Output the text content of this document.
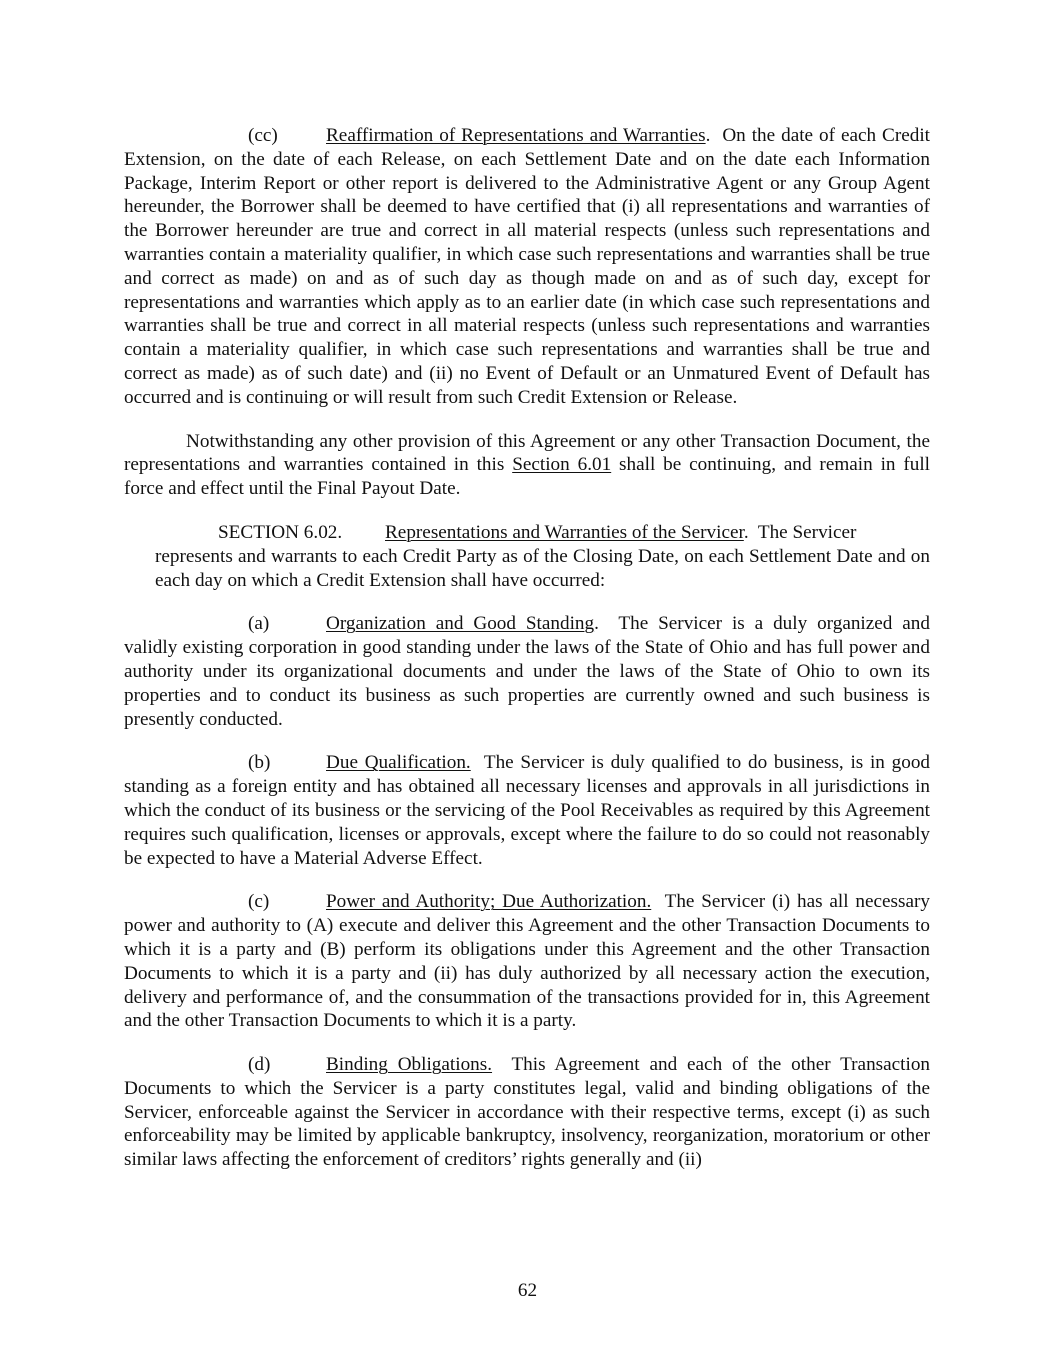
(cc)	Reaffirmation of Representations and Warranties. On the date of each Credit Extension, on the date of each Release, on each Settlement Date and on the date each Information Package, Interim Report or other report is delivered to the Administrative Agent or any Group Agent hereunder, the Borrower shall be deemed to have certified that (i) all representations and warranties of the Borrower hereunder are true and correct in all material respects (unless such representations and warranties contain a materiality qualifier, in which case such representations and warranties shall be true and correct as made) on and as of such day as though made on and as of such day, except for representations and warranties which apply as to an earlier date (in which case such representations and warranties shall be true and correct in all material respects (unless such representations and warranties contain a materiality qualifier, in which case such representations and warranties shall be true and correct as made) as of such date) and (ii) no Event of Default or an Unmatured Event of Default has occurred and is continuing or will result from such Credit Extension or Release.

Notwithstanding any other provision of this Agreement or any other Transaction Document, the representations and warranties contained in this Section 6.01 shall be continuing, and remain in full force and effect until the Final Payout Date.

SECTION 6.02. Representations and Warranties of the Servicer. The Servicer
represents and warrants to each Credit Party as of the Closing Date, on each Settlement Date and on each day on which a Credit Extension shall have occurred:

(a)	Organization and Good Standing. The Servicer is a duly organized and validly existing corporation in good standing under the laws of the State of Ohio and has full power and authority under its organizational documents and under the laws of the State of Ohio to own its properties and to conduct its business as such properties are currently owned and such business is presently conducted.

(b)	Due Qualification. The Servicer is duly qualified to do business, is in good standing as a foreign entity and has obtained all necessary licenses and approvals in all jurisdictions in which the conduct of its business or the servicing of the Pool Receivables as required by this Agreement requires such qualification, licenses or approvals, except where the failure to do so could not reasonably be expected to have a Material Adverse Effect.

(c)	Power and Authority; Due Authorization. The Servicer (i) has all necessary power and authority to (A) execute and deliver this Agreement and the other Transaction Documents to which it is a party and (B) perform its obligations under this Agreement and the other Transaction Documents to which it is a party and (ii) has duly authorized by all necessary action the execution, delivery and performance of, and the consummation of the transactions provided for in, this Agreement and the other Transaction Documents to which it is a party.

(d)	Binding Obligations. This Agreement and each of the other Transaction Documents to which the Servicer is a party constitutes legal, valid and binding obligations of the Servicer, enforceable against the Servicer in accordance with their respective terms, except (i) as such enforceability may be limited by applicable bankruptcy, insolvency, reorganization, moratorium or other similar laws affecting the enforcement of creditors’ rights generally and (ii)

62
